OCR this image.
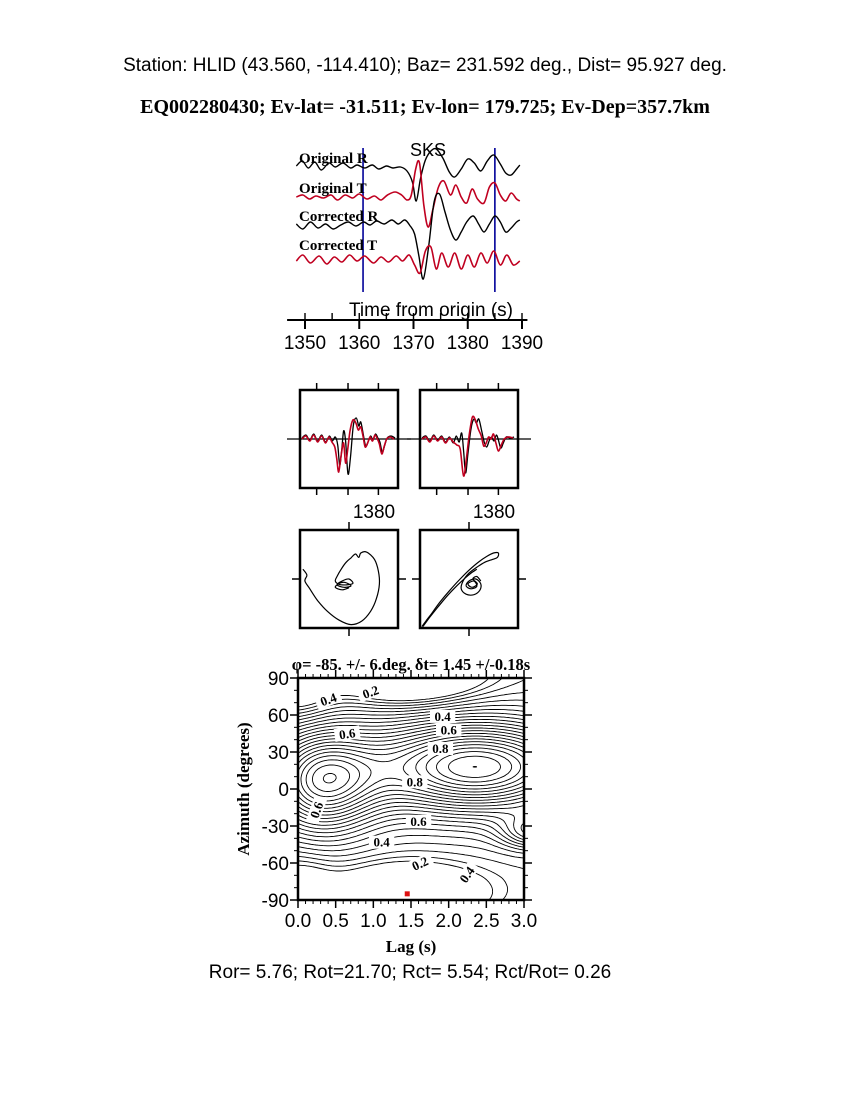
Station: HLID (43.560, -114.410); Baz= 231.592 deg., Dist= 95.927 deg.
EQ002280430; Ev-lat= -31.511; Ev-lon= 179.725; Ev-Dep=357.7km
1350 1360 1370 1380 1390
Original R
Original T
Corrected R
Corrected T
SKS
Time from origin (s)
1380	1380
0.0 0.5 1.0 1.5 2.0 2.5 3.0
90
60
30
0
-30
-60
-90
0.4 0.2
0.4
0.6
0.8
0.6
0.8
0.6
0.6
0.4
0.2
0.4
φ= -85. +/- 6.deg. δt= 1.45 +/-0.18s
Lag (s)
Azimuth (degrees)
Ror= 5.76; Rot=21.70; Rct= 5.54; Rct/Rot= 0.26
